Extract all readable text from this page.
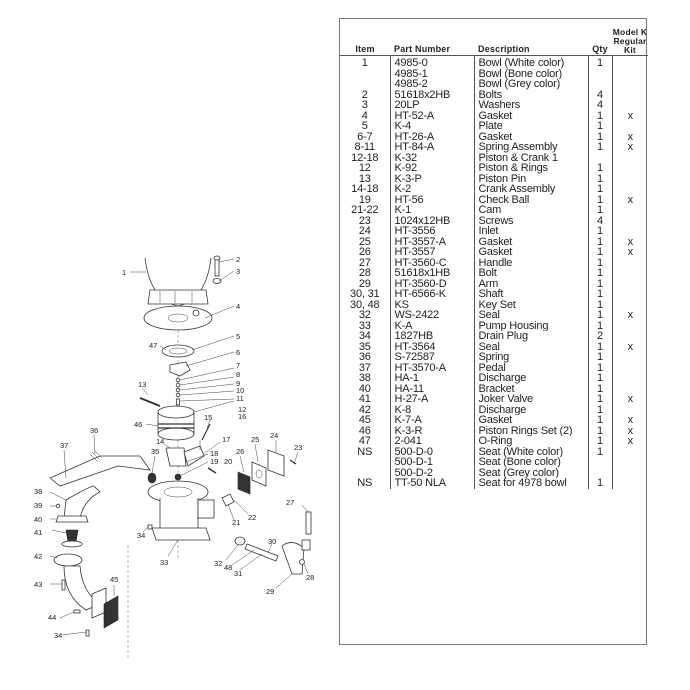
1
2
3
4
5
47
6
7
8
9
10
11
12
13
46
15	16
14	17
18
19 20
36
37
35
25
26
24
23
38
39
40
41	34
21
22
27
42
33	32 48
31
30
28
29
43
45
44
34
Item	Part Number	Description	Qty	Model K
Regular
Kit

1	4985-0	Bowl (White color)	1	
	4985-1	Bowl (Bone color)		
	4985-2	Bowl (Grey color)		
2	51618x2HB	Bolts	4	
3	20LP	Washers	4	
4	HT-52-A	Gasket	1	x
5	K-4	Plate	1	
6-7	HT-26-A	Gasket	1	x
8-11	HT-84-A	Spring Assembly	1	x
12-18	K-32	Piston & Crank 1		
12	K-92	Piston & Rings	1	
13	K-3-P	Piston Pin	1	
14-18	K-2	Crank Assembly	1	
19	HT-56	Check Ball	1	x
21-22	K-1	Cam	1	
23	1024x12HB	Screws	4	
24	HT-3556	Inlet	1	
25	HT-3557-A	Gasket	1	x
26	HT-3557	Gasket	1	x
27	HT-3560-C	Handle	1	
28	51618x1HB	Bolt	1	
29	HT-3560-D	Arm	1	
30, 31	HT-6566-K	Shaft	1	
30, 48	KS	Key Set	1	
32	WS-2422	Seal	1	x
33	K-A	Pump Housing	1	
34	1827HB	Drain Plug	2	
35	HT-3564	Seal	1	x
36	S-72587	Spring	1	
37	HT-3570-A	Pedal	1	
38	HA-1	Discharge	1	
40	HA-11	Bracket	1	
41	H-27-A	Joker Valve	1	x
42	K-8	Discharge	1	
45	K-7-A	Gasket	1	x
46	K-3-R	Piston Rings Set (2)	1	x
47	2-041	O-Ring	1	x
NS	500-D-0	Seat (White color)	1	
	500-D-1	Seat (Bone color)		
	500-D-2	Seat (Grey color)		
NS	TT-50 NLA	Seat for 4978 bowl	1	
